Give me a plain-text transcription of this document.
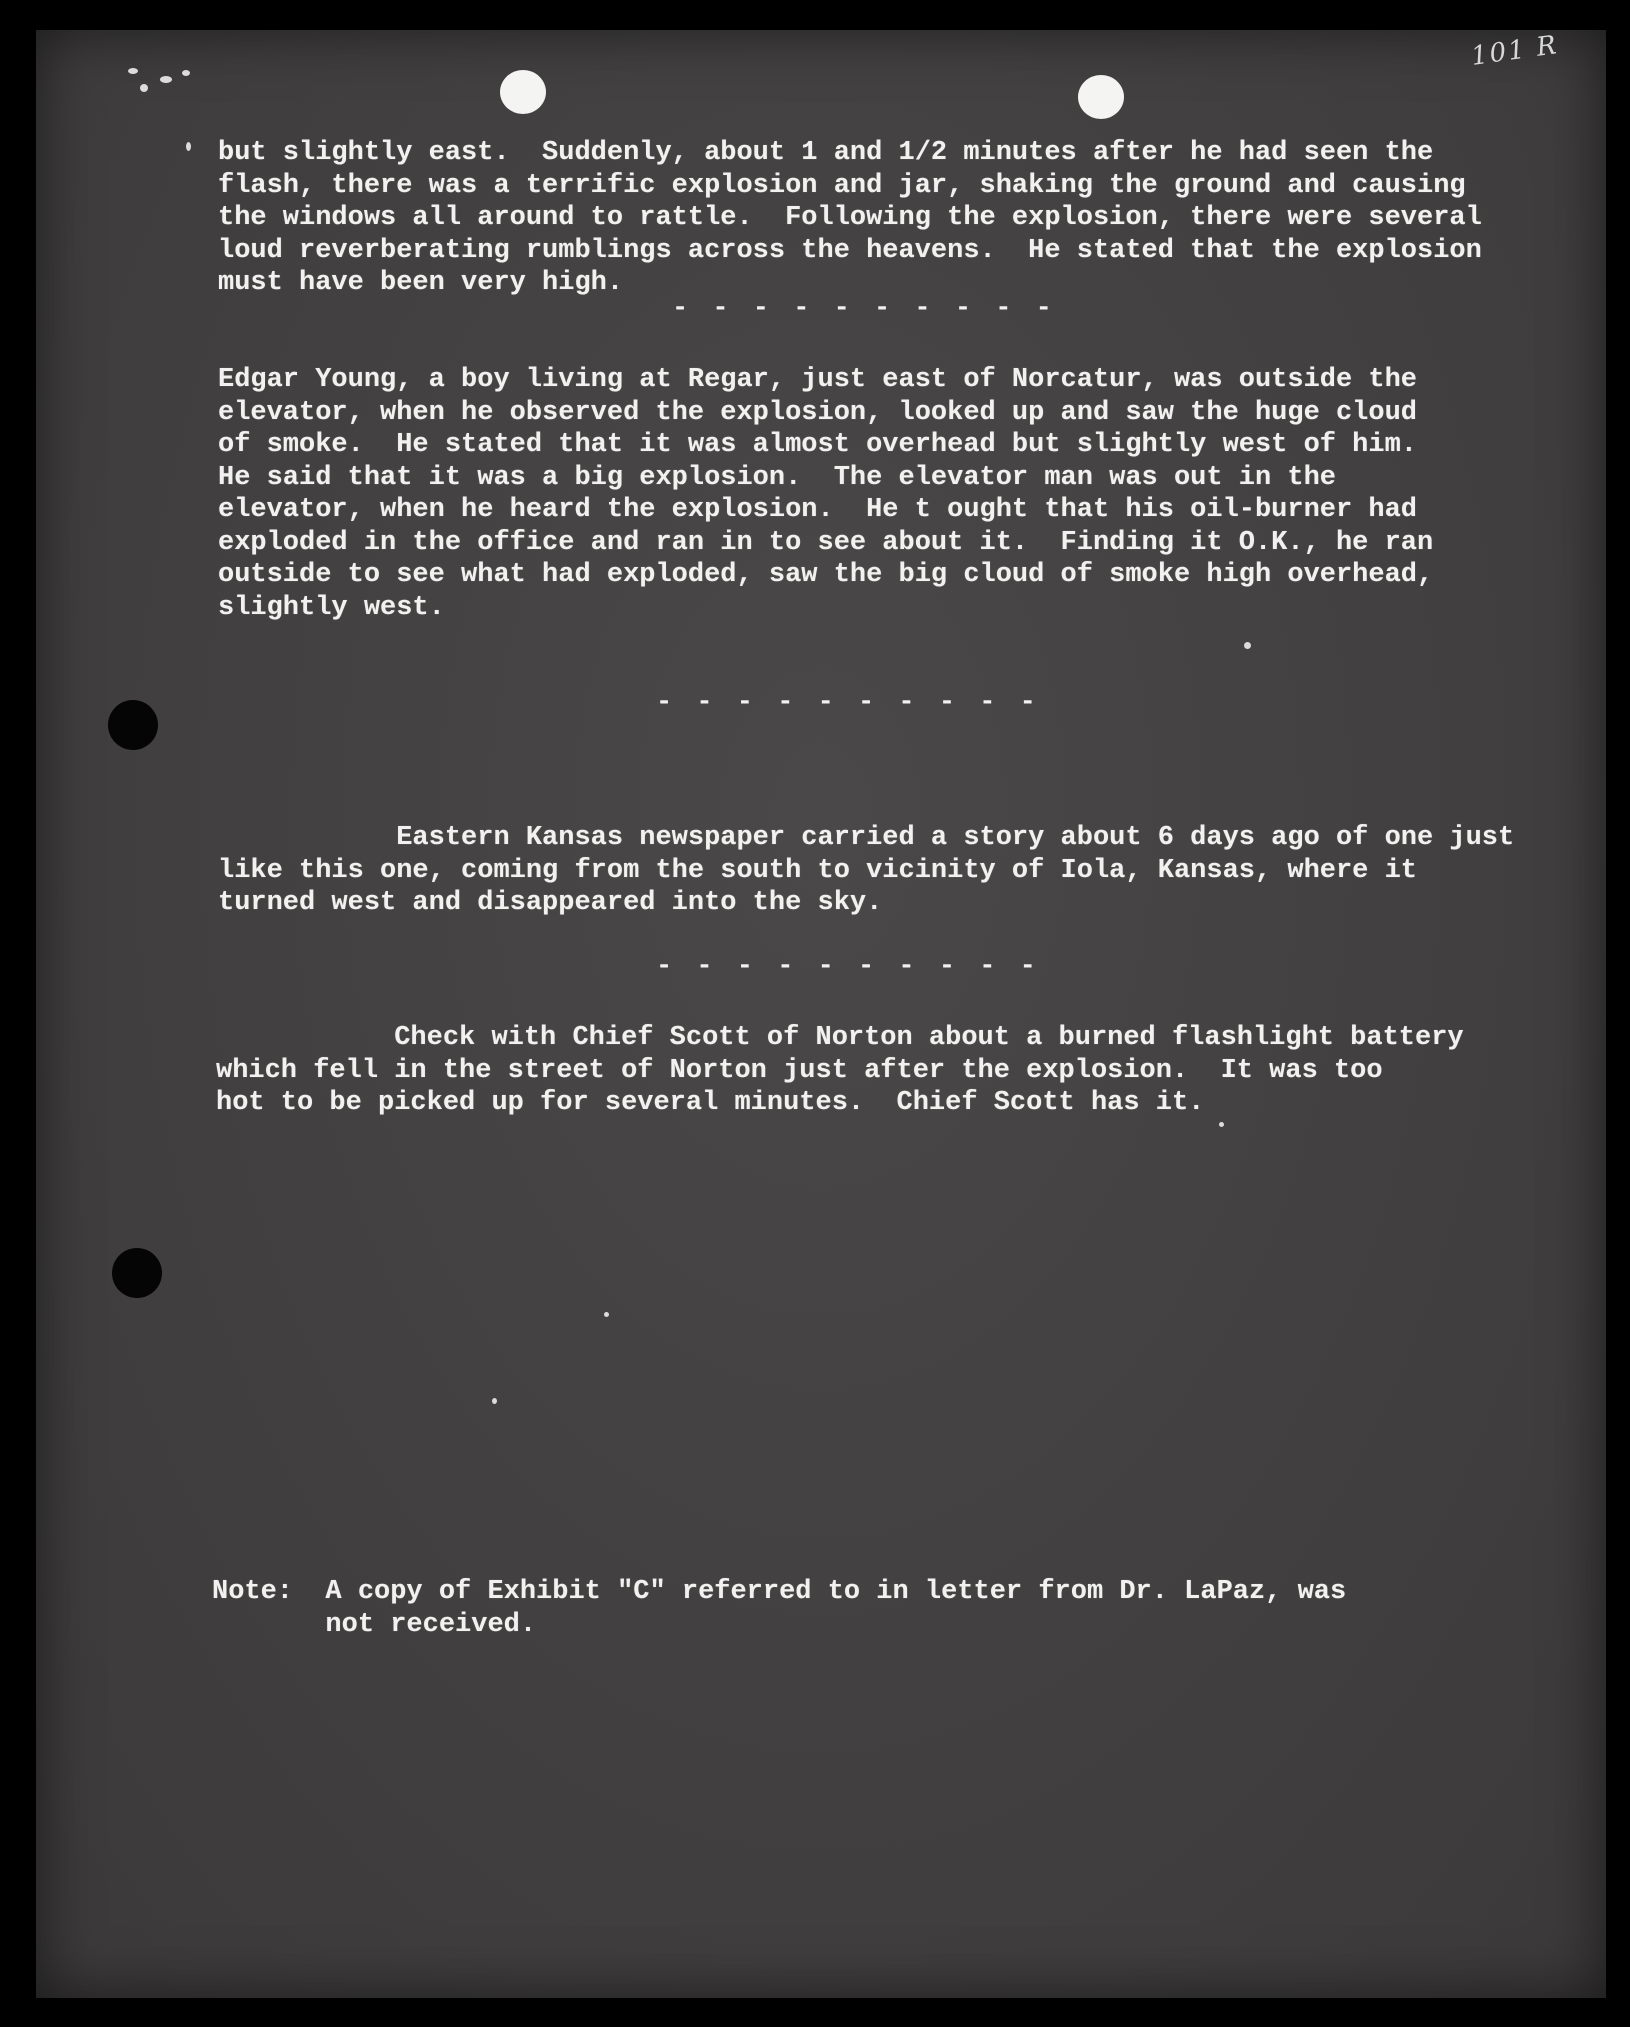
101 R

but slightly east.  Suddenly, about 1 and 1/2 minutes after he had seen the
flash, there was a terrific explosion and jar, shaking the ground and causing
the windows all around to rattle.  Following the explosion, there were several
loud reverberating rumblings across the heavens.  He stated that the explosion
must have been very high.

- - - - - - - - - -

Edgar Young, a boy living at Regar, just east of Norcatur, was outside the
elevator, when he observed the explosion, looked up and saw the huge cloud
of smoke.  He stated that it was almost overhead but slightly west of him.
He said that it was a big explosion.  The elevator man was out in the
elevator, when he heard the explosion.  He t ought that his oil-burner had
exploded in the office and ran in to see about it.  Finding it O.K., he ran
outside to see what had exploded, saw the big cloud of smoke high overhead,
slightly west.

- - - - - - - - - -

Eastern Kansas newspaper carried a story about 6 days ago of one just
like this one, coming from the south to vicinity of Iola, Kansas, where it
turned west and disappeared into the sky.

- - - - - - - - - -

Check with Chief Scott of Norton about a burned flashlight battery
which fell in the street of Norton just after the explosion.  It was too
hot to be picked up for several minutes.  Chief Scott has it.

Note:  A copy of Exhibit "C" referred to in letter from Dr. LaPaz, was
not received.
